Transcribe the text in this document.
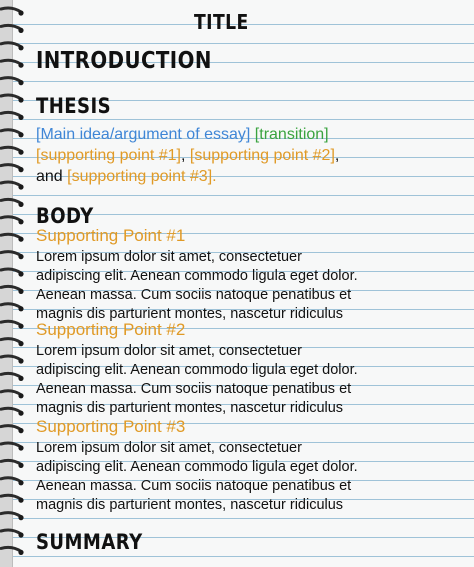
TITLE
INTRODUCTION
THESIS
[Main idea/argument of essay] [transition]
[supporting point #1], [supporting point #2],
and [supporting point #3].
BODY
Supporting Point #1
Lorem ipsum dolor sit amet, consectetuer
adipiscing elit. Aenean commodo ligula eget dolor.
Aenean massa. Cum sociis natoque penatibus et
magnis dis parturient montes, nascetur ridiculus
Supporting Point #2
Lorem ipsum dolor sit amet, consectetuer
adipiscing elit. Aenean commodo ligula eget dolor.
Aenean massa. Cum sociis natoque penatibus et
magnis dis parturient montes, nascetur ridiculus
Supporting Point #3
Lorem ipsum dolor sit amet, consectetuer
adipiscing elit. Aenean commodo ligula eget dolor.
Aenean massa. Cum sociis natoque penatibus et
magnis dis parturient montes, nascetur ridiculus
SUMMARY
